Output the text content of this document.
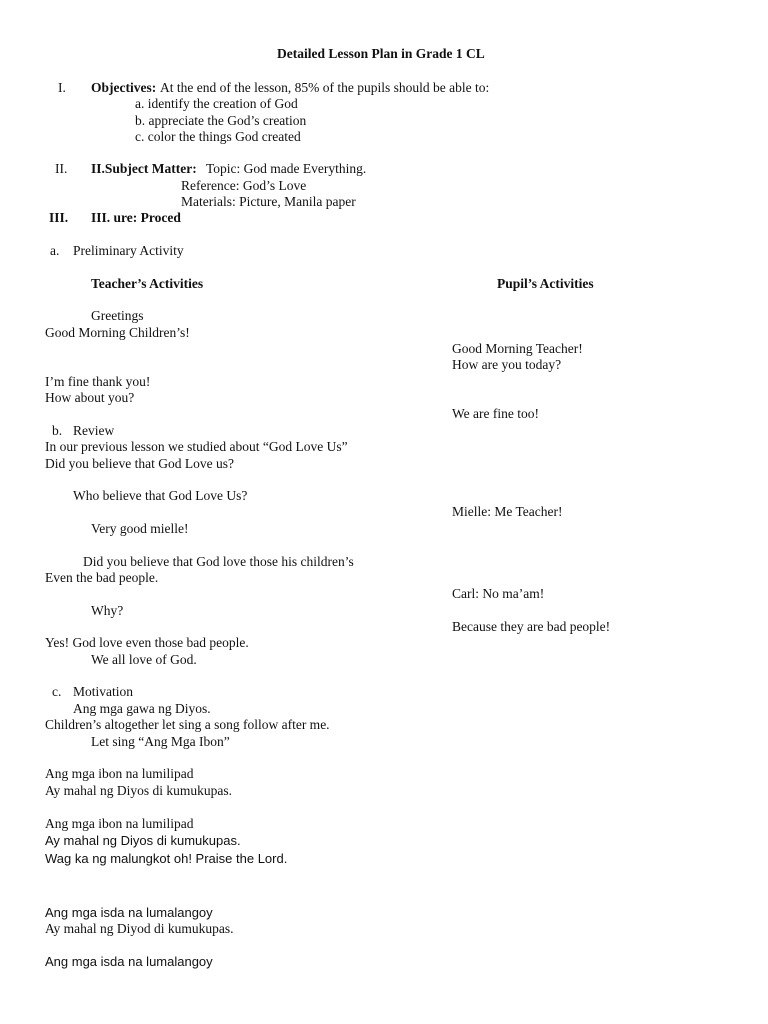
Detailed Lesson Plan in Grade 1 CL
I. Objectives: At the end of the lesson, 85% of the pupils should be able to:
a. identify the creation of God
b. appreciate the God’s creation
c. color the things God created
II. II.Subject Matter: Topic: God made Everything.
Reference: God’s Love
Materials: Picture, Manila paper
III. III. ure: Proced
a. Preliminary Activity
Teacher’s Activities	Pupil’s Activities
Greetings
Good Morning Children’s!
Good Morning Teacher!
How are you today?
I’m fine thank you!
How about you?
We are fine too!
b. Review
In our previous lesson we studied about “God Love Us”
Did you believe that God Love us?
Who believe that God Love Us?
Mielle: Me Teacher!
Very good mielle!
Did you believe that God love those his children’s
Even the bad people.
Carl: No ma’am!
Why?
Because they are bad people!
Yes! God love even those bad people.
We all love of God.
c. Motivation
Ang mga gawa ng Diyos.
Children’s altogether let sing a song follow after me.
Let sing “Ang Mga Ibon”
Ang mga ibon na lumilipad
Ay mahal ng Diyos di kumukupas.
Ang mga ibon na lumilipad
Ay mahal ng Diyos di kumukupas.
Wag ka ng malungkot oh! Praise the Lord.
Ang mga isda na lumalangoy
Ay mahal ng Diyod di kumukupas.
Ang mga isda na lumalangoy
